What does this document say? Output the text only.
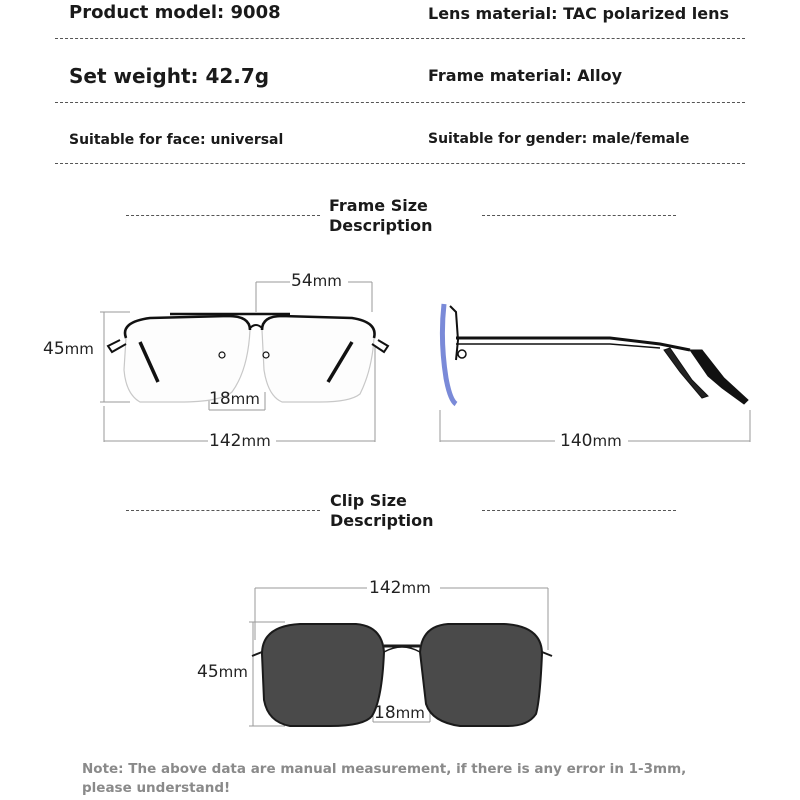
Product model: 9008	Lens material: TAC polarized lens
Set weight: 42.7g	Frame material: Alloy
Suitable for face: universal	Suitable for gender: male/female
Frame Size
Description
Clip Size
Description
54mm
45mm
18mm
142mm	140mm
142mm
45mm
18mm
Note: The above data are manual measurement, if there is any error in 1-3mm, please understand!
